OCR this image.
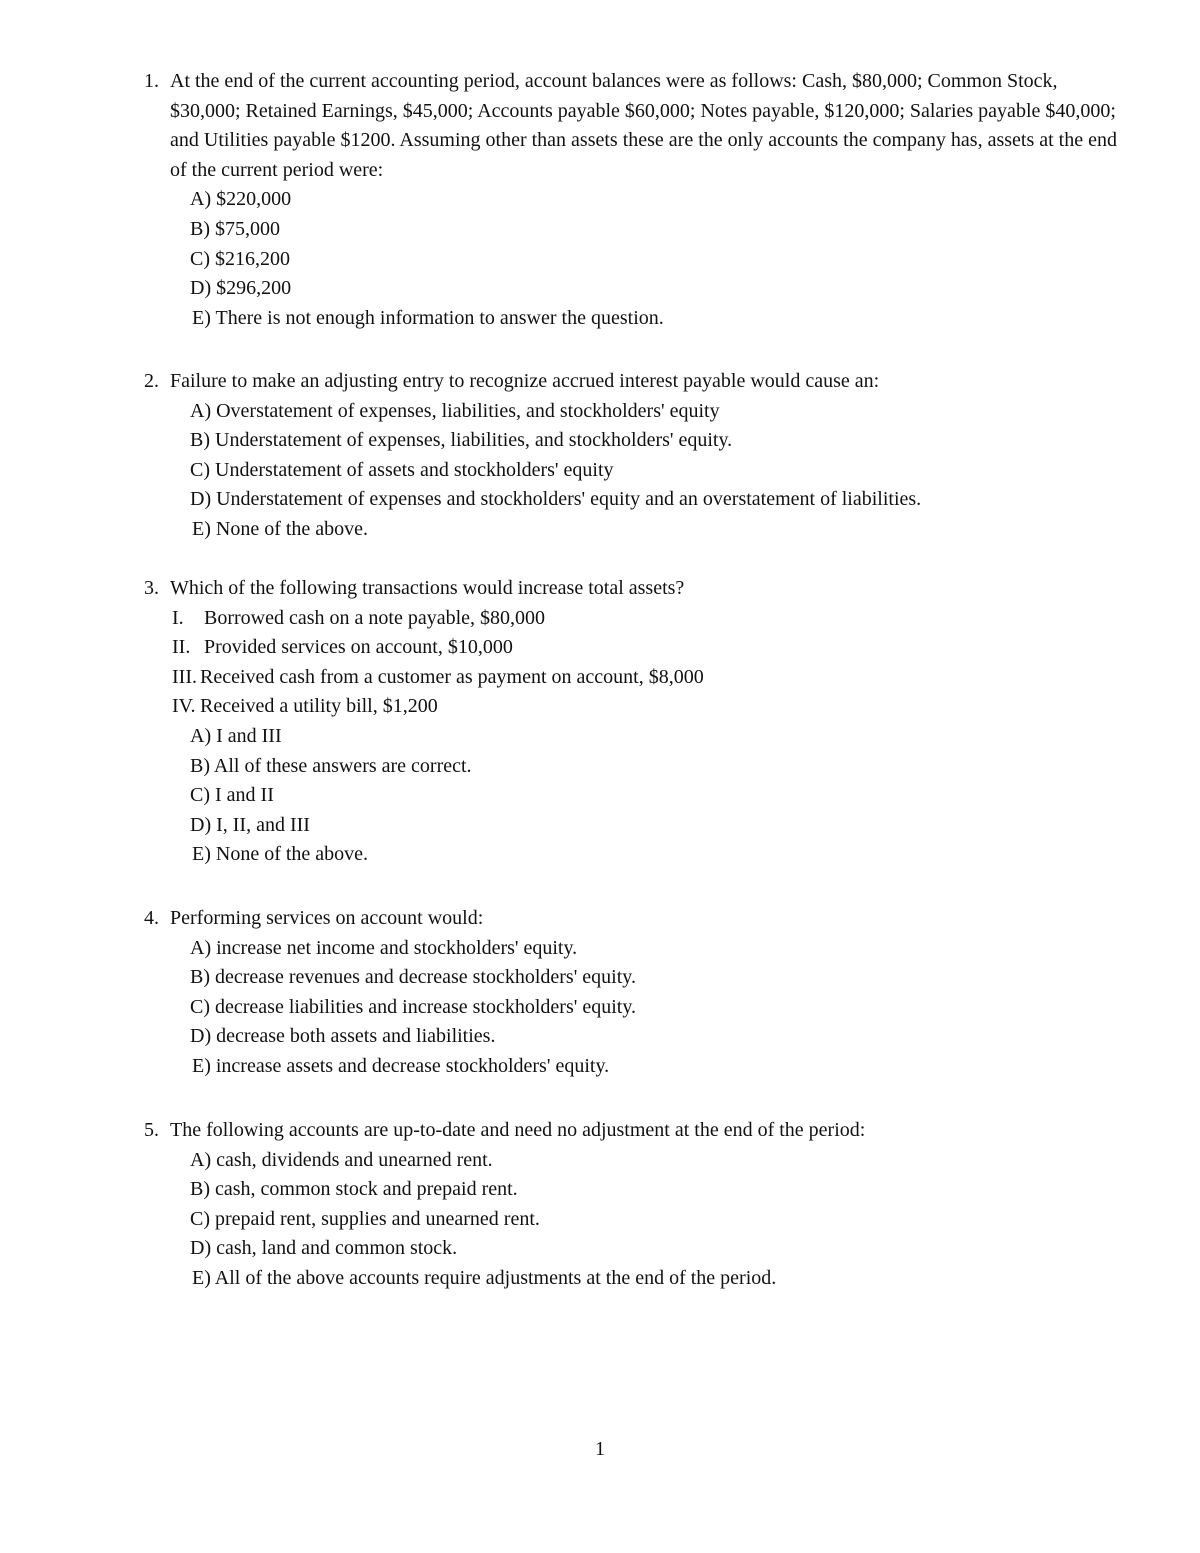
1. At the end of the current accounting period, account balances were as follows: Cash, $80,000; Common Stock, $30,000; Retained Earnings, $45,000; Accounts payable $60,000; Notes payable, $120,000; Salaries payable $40,000; and Utilities payable $1200. Assuming other than assets these are the only accounts the company has, assets at the end of the current period were:
A) $220,000
B) $75,000
C) $216,200
D) $296,200
E) There is not enough information to answer the question.
2. Failure to make an adjusting entry to recognize accrued interest payable would cause an:
A) Overstatement of expenses, liabilities, and stockholders' equity
B) Understatement of expenses, liabilities, and stockholders' equity.
C) Understatement of assets and stockholders' equity
D) Understatement of expenses and stockholders' equity and an overstatement of liabilities.
E) None of the above.
3. Which of the following transactions would increase total assets?
I. Borrowed cash on a note payable, $80,000
II. Provided services on account, $10,000
III. Received cash from a customer as payment on account, $8,000
IV. Received a utility bill, $1,200
A) I and III
B) All of these answers are correct.
C) I and II
D) I, II, and III
E) None of the above.
4. Performing services on account would:
A) increase net income and stockholders' equity.
B) decrease revenues and decrease stockholders' equity.
C) decrease liabilities and increase stockholders' equity.
D) decrease both assets and liabilities.
E) increase assets and decrease stockholders' equity.
5. The following accounts are up-to-date and need no adjustment at the end of the period:
A) cash, dividends and unearned rent.
B) cash, common stock and prepaid rent.
C) prepaid rent, supplies and unearned rent.
D) cash, land and common stock.
E) All of the above accounts require adjustments at the end of the period.
1
